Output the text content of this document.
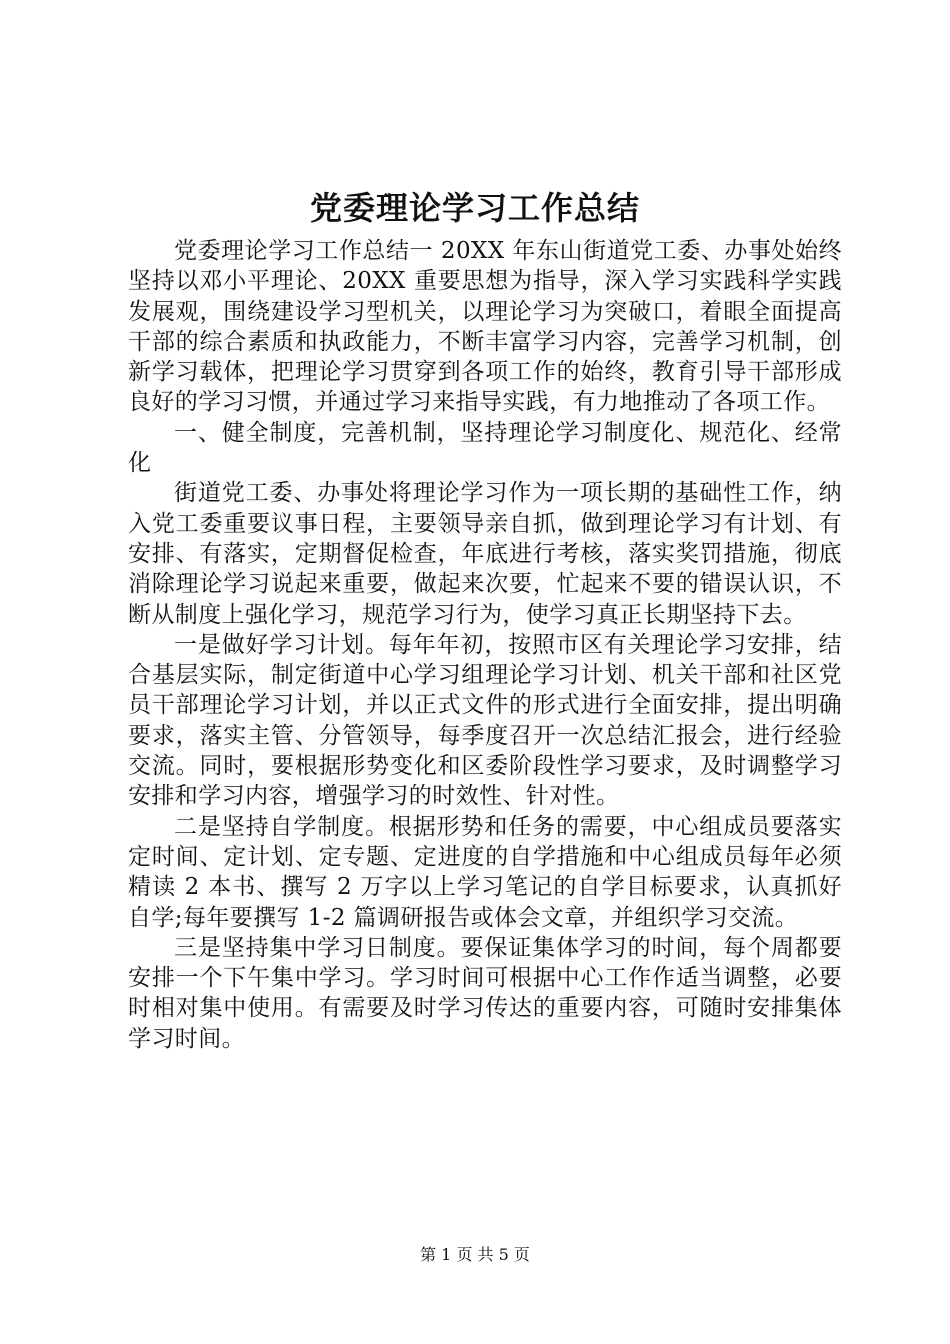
党委理论学习工作总结

党委理论学习工作总结一 20XX 年东山街道党工委、办事处始终坚持以邓小平理论、20XX 重要思想为指导，深入学习实践科学实践发展观，围绕建设学习型机关，以理论学习为突破口，着眼全面提高干部的综合素质和执政能力，不断丰富学习内容，完善学习机制，创新学习载体，把理论学习贯穿到各项工作的始终，教育引导干部形成良好的学习习惯，并通过学习来指导实践，有力地推动了各项工作。

一、健全制度，完善机制，坚持理论学习制度化、规范化、经常化

街道党工委、办事处将理论学习作为一项长期的基础性工作，纳入党工委重要议事日程，主要领导亲自抓，做到理论学习有计划、有安排、有落实，定期督促检查，年底进行考核，落实奖罚措施，彻底消除理论学习说起来重要，做起来次要，忙起来不要的错误认识，不断从制度上强化学习，规范学习行为，使学习真正长期坚持下去。

一是做好学习计划。每年年初，按照市区有关理论学习安排，结合基层实际，制定街道中心学习组理论学习计划、机关干部和社区党员干部理论学习计划，并以正式文件的形式进行全面安排，提出明确要求，落实主管、分管领导，每季度召开一次总结汇报会，进行经验交流。同时，要根据形势变化和区委阶段性学习要求，及时调整学习安排和学习内容，增强学习的时效性、针对性。

二是坚持自学制度。根据形势和任务的需要，中心组成员要落实定时间、定计划、定专题、定进度的自学措施和中心组成员每年必须精读 2 本书、撰写 2 万字以上学习笔记的自学目标要求，认真抓好自学;每年要撰写 1-2 篇调研报告或体会文章，并组织学习交流。

三是坚持集中学习日制度。要保证集体学习的时间，每个周都要安排一个下午集中学习。学习时间可根据中心工作作适当调整，必要时相对集中使用。有需要及时学习传达的重要内容，可随时安排集体学习时间。

第 1 页 共 5 页
